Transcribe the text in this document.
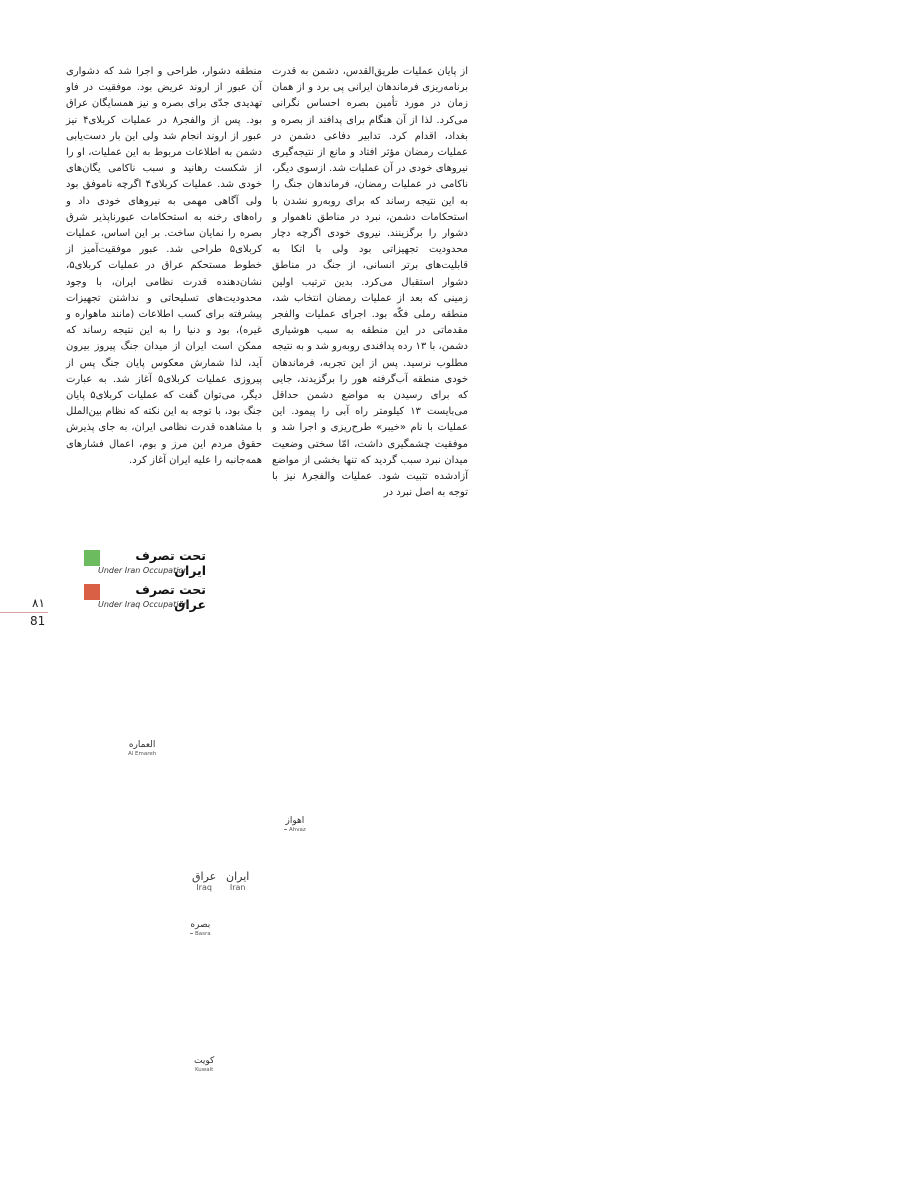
از پایان عملیات طریق‌القدس، دشمن به قدرت برنامه‌ریزی فرماندهان ایرانی پی برد و از همان زمان در مورد تأمین بصره احساس نگرانی می‌کرد. لذا از آن هنگام برای پدافند از بصره و بغداد، اقدام کرد. تدابیر دفاعی دشمن در عملیات رمضان مؤثر افتاد و مانع از نتیجه‌گیری نیروهای خودی در آن عملیات شد. ازسوی دیگر، ناکامی در عملیات رمضان، فرماندهان جنگ را به این نتیجه رساند که برای روبه‌رو نشدن با استحکامات دشمن، نبرد در مناطق ناهموار و دشوار را برگزینند. نیروی خودی اگرچه دچار محدودیت تجهیزاتی بود ولی با اتکا به قابلیت‌های برتر انسانی، از جنگ در مناطق دشوار استقبال می‌کرد. بدین ترتیب اولین زمینی که بعد از عملیات رمضان انتخاب شد، منطقه رملی فکّه بود. اجرای عملیات والفجر مقدماتی در این منطقه به سبب هوشیاری دشمن، با ۱۳ رده پدافندی روبه‌رو شد و به نتیجه مطلوب نرسید. پس از این تجربه، فرماندهان خودی منطقه آب‌گرفته هور را برگزیدند، جایی که برای رسیدن به مواضع دشمن حداقل می‌بایست ۱۳ کیلومتر راه آبی را پیمود. این عملیات با نام «خیبر» طرح‌ریزی و اجرا شد و موفقیت چشمگیری داشت، امّا سختی وضعیت میدان نبرد سبب گردید که تنها بخشی از مواضع آزادشده تثبیت شود. عملیات والفجر۸ نیز با توجه به اصل نبرد در

منطقه دشوار، طراحی و اجرا شد که دشواری آن عبور از اروند عریض بود. موفقیت در فاو تهدیدی جدّی برای بصره و نیز همسایگان عراق بود. پس از والفجر۸ در عملیات کربلای۴ نیز عبور از اروند انجام شد ولی این بار دست‌یابی دشمن به اطلاعات مربوط به این عملیات، او را از شکست رهانید و سبب ناکامی یگان‌های خودی شد. عملیات کربلای۴ اگرچه ناموفق بود ولی آگاهی مهمی به نیروهای خودی داد و راه‌های رخنه به استحکامات عبورناپذیر شرق بصره را نمایان ساخت. بر این اساس، عملیات کربلای۵ طراحی شد. عبور موفقیت‌آمیز از خطوط مستحکم عراق در عملیات کربلای۵، نشان‌دهنده قدرت نظامی ایران، با وجود محدودیت‌های تسلیحاتی و نداشتن تجهیزات پیشرفته برای کسب اطلاعات (مانند ماهواره و غیره)، بود و دنیا را به این نتیجه رساند که ممکن است ایران از میدان جنگ پیروز بیرون آید، لذا شمارش معکوس پایان جنگ پس از پیروزی عملیات کربلای۵ آغاز شد. به عبارت دیگر، می‌توان گفت که عملیات کربلای۵ پایان جنگ بود، با توجه به این نکته که نظام بین‌الملل با مشاهده قدرت نظامی ایران، به جای پذیرش حقوق مردم این مرز و بوم، اعمال فشارهای همه‌جانبه را علیه ایران آغاز کرد.

تحت تصرف ایران
Under Iran Occupation
تحت تصرف عراق
Under Iraq Occupation
۸۱
81
العماره
Al Emareh
اهواز
Ahvaz
عراق
Iraq
ایران
Iran
بصره
Basra
کویت
Kuwait
